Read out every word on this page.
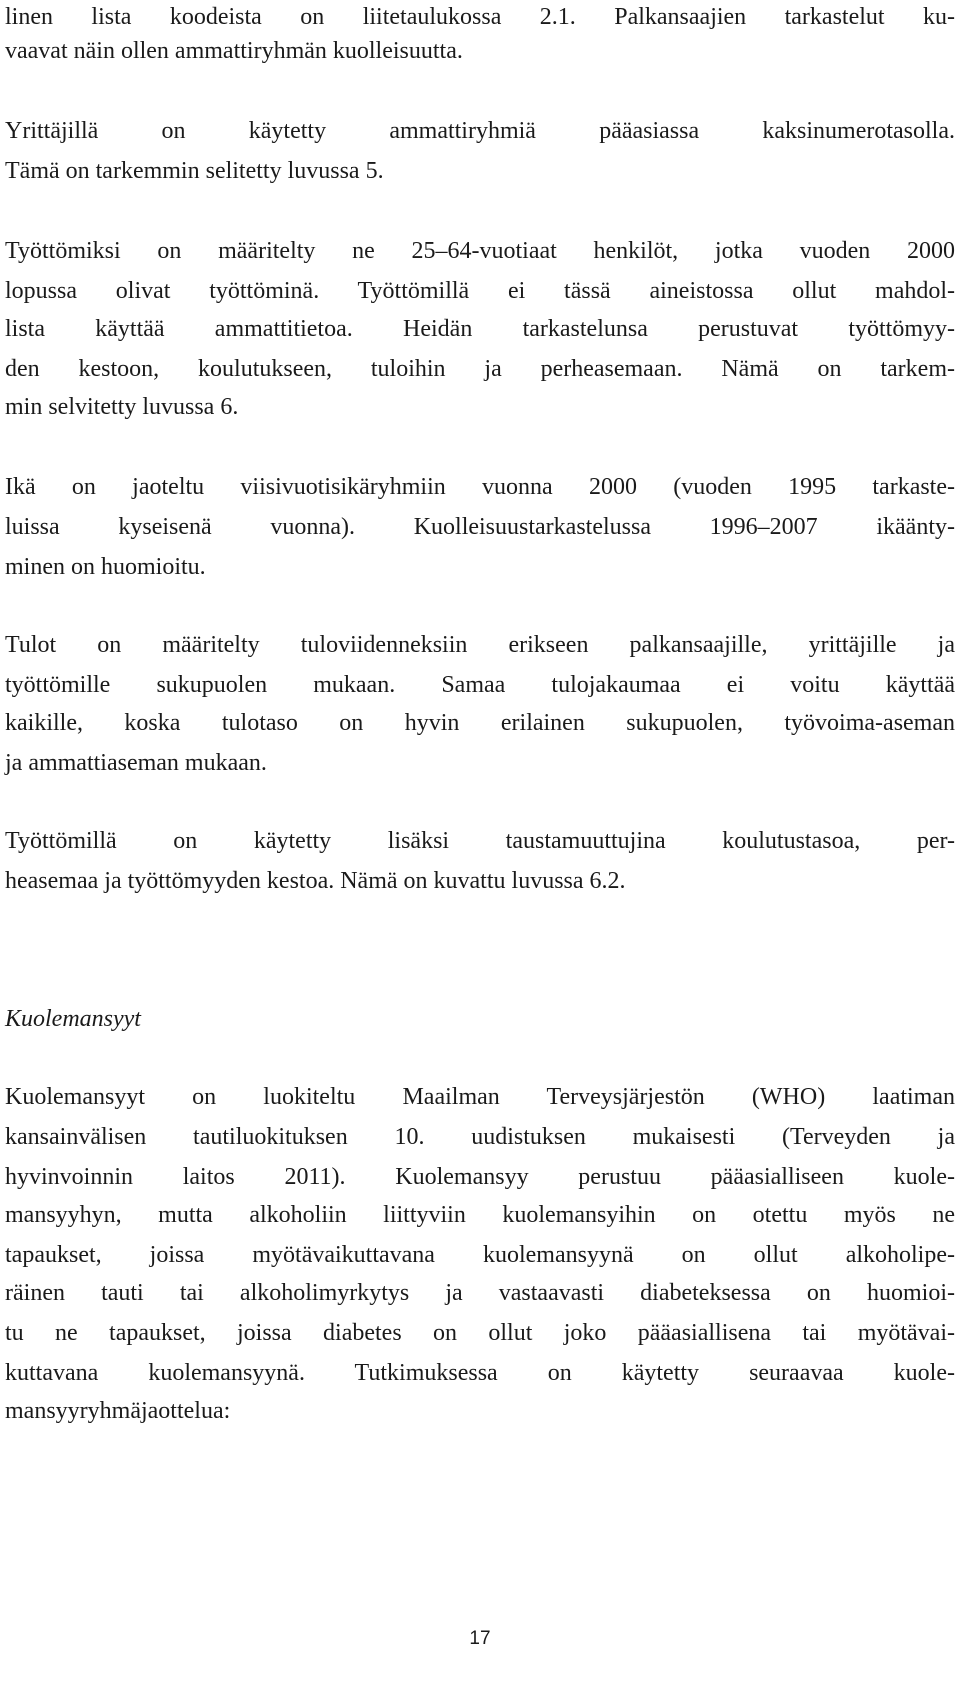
linen lista koodeista on liitetaulukossa 2.1. Palkansaajien tarkastelut ku-
vaavat näin ollen ammattiryhmän kuolleisuutta.
Yrittäjillä on käytetty ammattiryhmiä pääasiassa kaksinumerotasolla.
Tämä on tarkemmin selitetty luvussa 5.
Työttömiksi on määritelty ne 25–64-vuotiaat henkilöt, jotka vuoden 2000
lopussa olivat työttöminä. Työttömillä ei tässä aineistossa ollut mahdol-
lista käyttää ammattitietoa. Heidän tarkastelunsa perustuvat työttömyy-
den kestoon, koulutukseen, tuloihin ja perheasemaan. Nämä on tarkem-
min selvitetty luvussa 6.
Ikä on jaoteltu viisivuotisikäryhmiin vuonna 2000 (vuoden 1995 tarkaste-
luissa kyseisenä vuonna). Kuolleisuustarkastelussa 1996–2007 ikäänty-
minen on huomioitu.
Tulot on määritelty tuloviidenneksiin erikseen palkansaajille, yrittäjille ja
työttömille sukupuolen mukaan. Samaa tulojakaumaa ei voitu käyttää
kaikille, koska tulotaso on hyvin erilainen sukupuolen, työvoima-aseman
ja ammattiaseman mukaan.
Työttömillä on käytetty lisäksi taustamuuttujina koulutustasoa, per-
heasemaa ja työttömyyden kestoa. Nämä on kuvattu luvussa 6.2.
Kuolemansyyt
Kuolemansyyt on luokiteltu Maailman Terveysjärjestön (WHO) laatiman
kansainvälisen tautiluokituksen 10. uudistuksen mukaisesti (Terveyden ja
hyvinvoinnin laitos 2011). Kuolemansyy perustuu pääasialliseen kuole-
mansyyhyn, mutta alkoholiin liittyviin kuolemansyihin on otettu myös ne
tapaukset, joissa myötävaikuttavana kuolemansyynä on ollut alkoholipe-
räinen tauti tai alkoholimyrkytys ja vastaavasti diabeteksessa on huomioi-
tu ne tapaukset, joissa diabetes on ollut joko pääasiallisena tai myötävai-
kuttavana kuolemansyynä. Tutkimuksessa on käytetty seuraavaa kuole-
mansyyryhmäjaottelua:
17
